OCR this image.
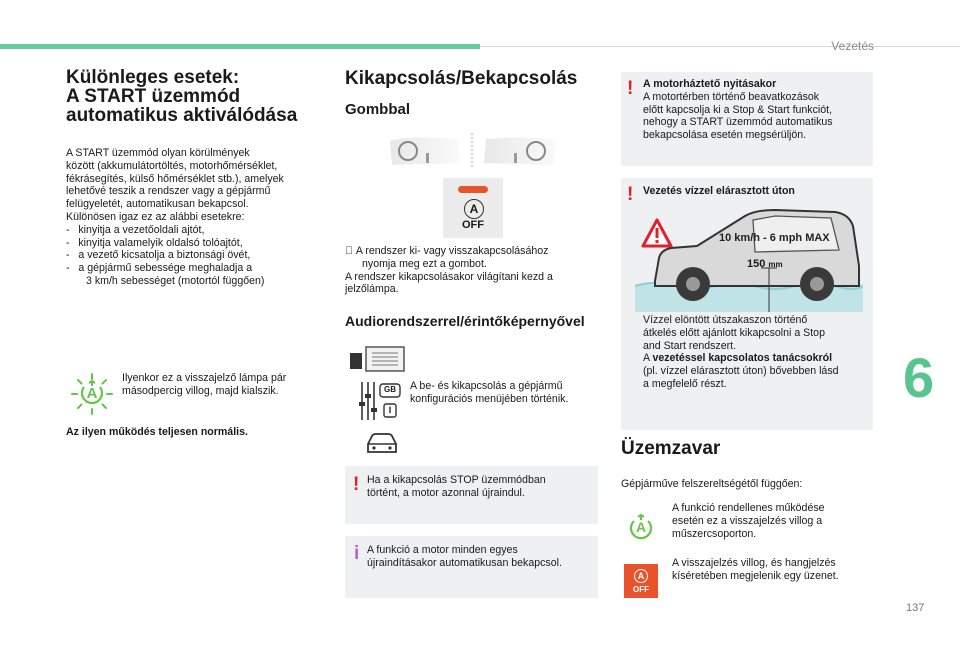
Vezetés
6
137
Különleges esetek:
A START üzemmód
automatikus aktiválódása
A START üzemmód olyan körülmények
között (akkumulátortöltés, motorhőmérséklet,
fékrásegítés, külső hőmérséklet stb.), amelyek
lehetővé teszik a rendszer vagy a gépjármű
felügyeletét, automatikusan bekapcsol.
Különösen igaz ez az alábbi esetekre:
- kinyitja a vezetőoldali ajtót,
- kinyitja valamelyik oldalsó tolóajtót,
- a vezető kicsatolja a biztonsági övét,
- a gépjármű sebessége meghaladja a
3 km/h sebességet (motortól függően)
A
Ilyenkor ez a visszajelző lámpa pár
másodpercig villog, majd kialszik.
Az ilyen működés teljesen normális.
Kikapcsolás/Bekapcsolás
Gombbal
A
OFF
A rendszer ki- vagy visszakapcsolásához
nyomja meg ezt a gombot.
A rendszer kikapcsolásakor világítani kezd a
jelzőlámpa.
Audiorendszerrel/érintőképernyővel
GB
I
A be- és kikapcsolás a gépjármű
konfigurációs menüjében történik.
! Ha a kikapcsolás STOP üzemmódban
történt, a motor azonnal újraindul.
i A funkció a motor minden egyes
újraindításakor automatikusan bekapcsol.
! A motorháztető nyitásakor
A motortérben történő beavatkozások
előtt kapcsolja ki a Stop & Start funkciót,
nehogy a START üzemmód automatikus
bekapcsolása esetén megsérüljön.
! Vezetés vízzel elárasztott úton
10 km/h - 6 mph MAX
150 mm
Vízzel elöntött útszakaszon történő
átkelés előtt ajánlott kikapcsolni a Stop
and Start rendszert.
A vezetéssel kapcsolatos tanácsokról
(pl. vízzel elárasztott úton) bővebben lásd
a megfelelő részt.
Üzemzavar
Gépjárműve felszereltségétől függően:
A
A funkció rendellenes működése
esetén ez a visszajelzés villog a
műszercsoporton.
A
OFF
A visszajelzés villog, és hangjelzés
kíséretében megjelenik egy üzenet.
